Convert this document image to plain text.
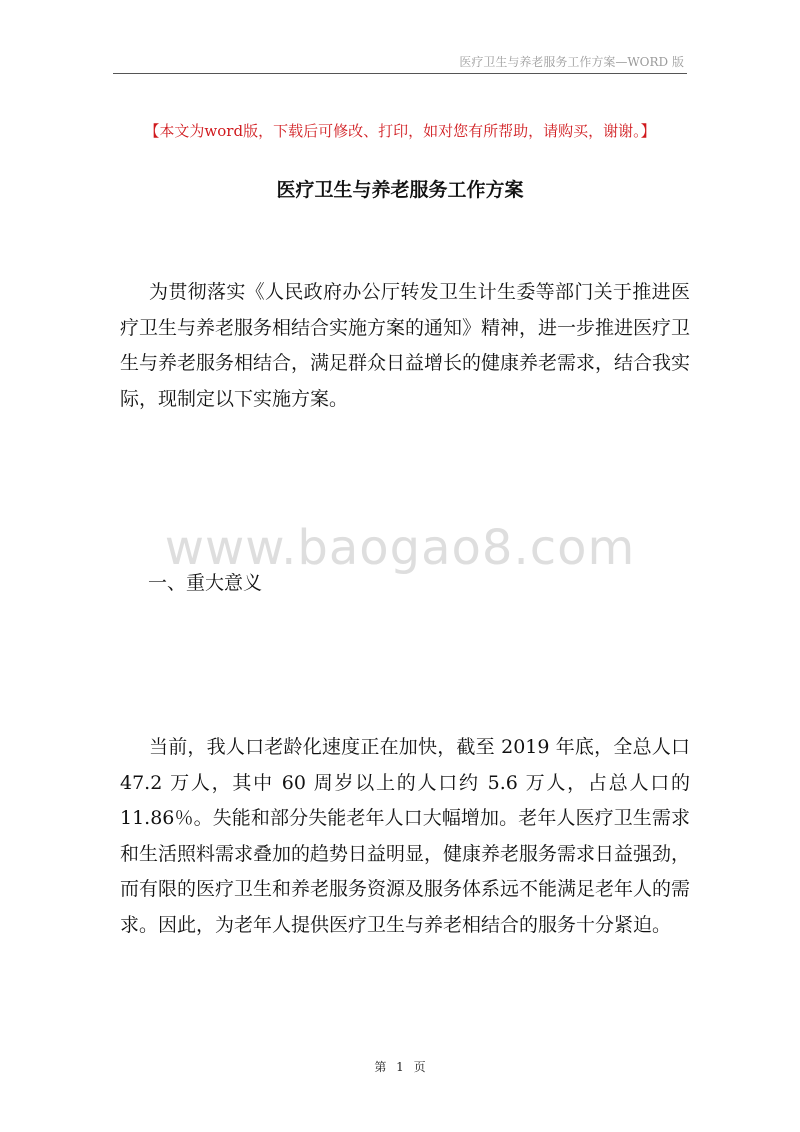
医疗卫生与养老服务工作方案—WORD 版
【本文为word版，下载后可修改、打印，如对您有所帮助，请购买，谢谢。】
医疗卫生与养老服务工作方案
为贯彻落实《人民政府办公厅转发卫生计生委等部门关于推进医疗卫生与养老服务相结合实施方案的通知》精神，进一步推进医疗卫生与养老服务相结合，满足群众日益增长的健康养老需求，结合我实际，现制定以下实施方案。
www.baogao8.com
一、重大意义
当前，我人口老龄化速度正在加快，截至 2019 年底，全总人口 47.2 万人，其中 60 周岁以上的人口约 5.6 万人，占总人口的 11.86％。失能和部分失能老年人口大幅增加。老年人医疗卫生需求和生活照料需求叠加的趋势日益明显，健康养老服务需求日益强劲，而有限的医疗卫生和养老服务资源及服务体系远不能满足老年人的需求。因此，为老年人提供医疗卫生与养老相结合的服务十分紧迫。
第 1 页
